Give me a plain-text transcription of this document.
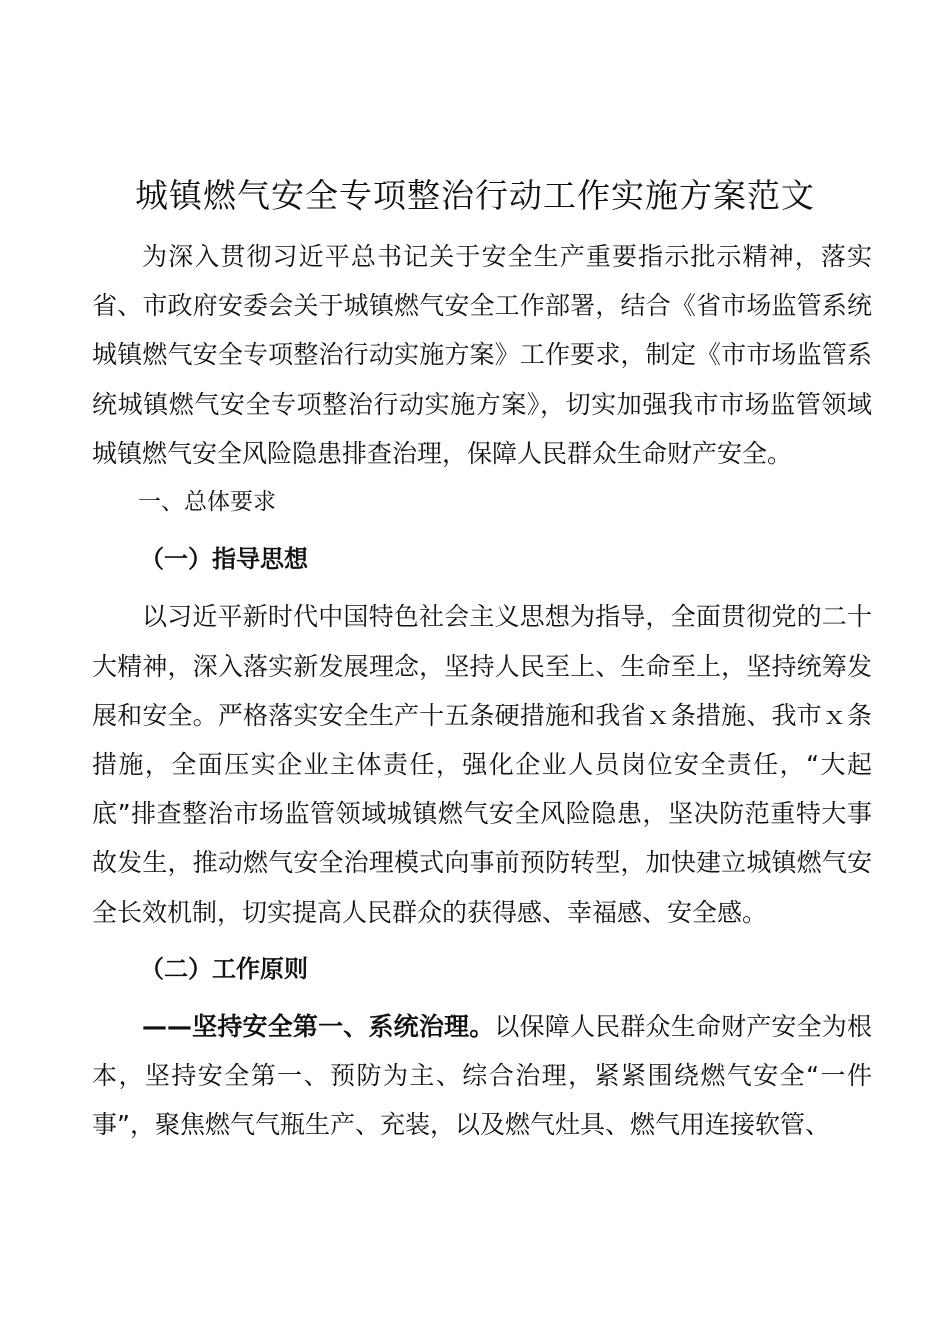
城镇燃气安全专项整治行动工作实施方案范文

为深入贯彻习近平总书记关于安全生产重要指示批示精神，落实省、市政府安委会关于城镇燃气安全工作部署，结合《省市场监管系统城镇燃气安全专项整治行动实施方案》工作要求，制定《市市场监管系统城镇燃气安全专项整治行动实施方案》，切实加强我市市场监管领域城镇燃气安全风险隐患排查治理，保障人民群众生命财产安全。

一、总体要求

（一）指导思想

以习近平新时代中国特色社会主义思想为指导，全面贯彻党的二十大精神，深入落实新发展理念，坚持人民至上、生命至上，坚持统筹发展和安全。严格落实安全生产十五条硬措施和我省ｘ条措施、我市ｘ条措施，全面压实企业主体责任，强化企业人员岗位安全责任，“大起底”排查整治市场监管领域城镇燃气安全风险隐患，坚决防范重特大事故发生，推动燃气安全治理模式向事前预防转型，加快建立城镇燃气安全长效机制，切实提高人民群众的获得感、幸福感、安全感。

（二）工作原则

——坚持安全第一、系统治理。以保障人民群众生命财产安全为根本，坚持安全第一、预防为主、综合治理，紧紧围绕燃气安全“一件事”，聚焦燃气气瓶生产、充装，以及燃气灶具、燃气用连接软管、
